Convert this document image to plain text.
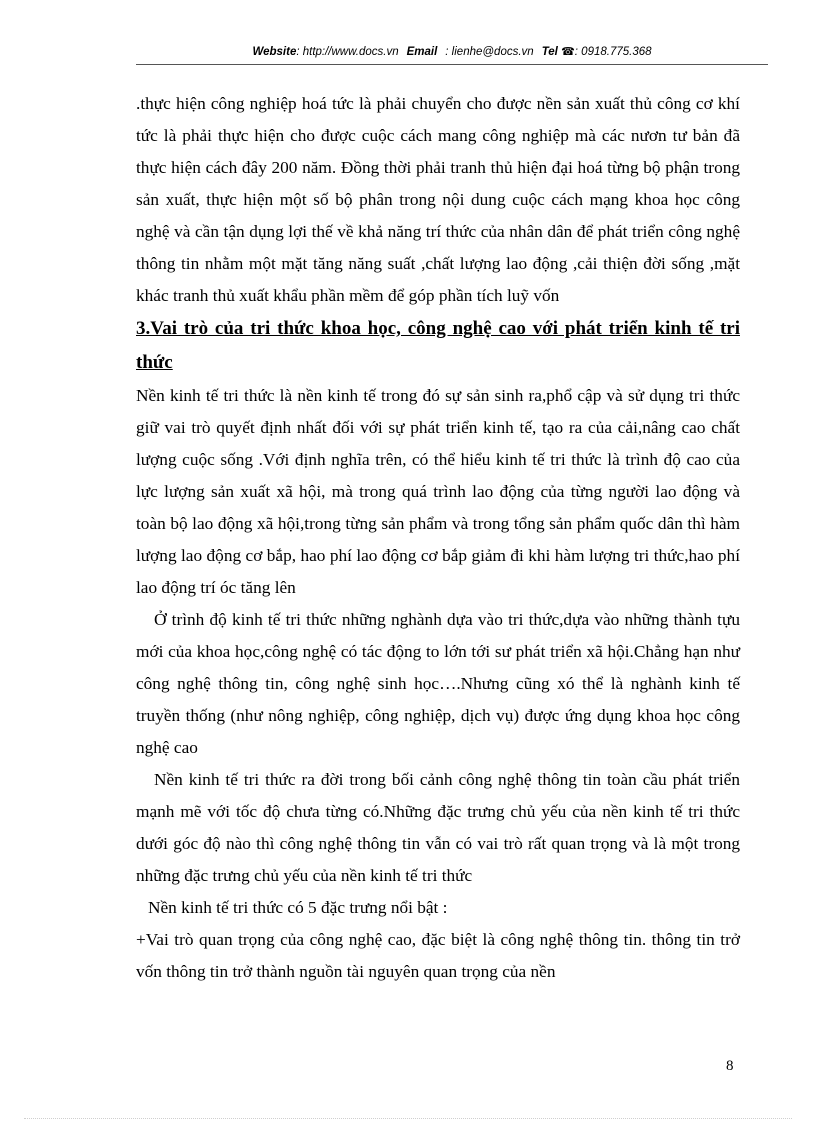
Website: http://www.docs.vn Email : lienhe@docs.vn Tel ☎: 0918.775.368

.thực hiện công nghiệp hoá tức là phải chuyển cho được nền sản xuất thủ công cơ khí tức là phải thực hiện cho được cuộc cách mang công nghiệp mà các nươn tư bản đã thực hiện cách đây 200 năm. Đồng thời phải tranh thủ hiện đại hoá từng bộ phận trong sản xuất, thực hiện một số bộ phân trong nội dung cuộc cách mạng khoa học công nghệ và cần tận dụng lợi thế về khả năng trí thức của nhân dân để phát triển công nghệ thông tin nhằm một mặt tăng năng suất ,chất lượng lao động ,cải thiện đời sống ,mặt khác tranh thủ xuất khẩu phần mềm để góp phần tích luỹ vốn

3.Vai trò của tri thức khoa học, công nghệ cao với phát triển kinh tế tri thức

Nền kinh tế tri thức là nền kinh tế trong đó sự sản sinh ra,phổ cập và sử dụng tri thức giữ vai trò quyết định nhất đối với sự phát triển kinh tế, tạo ra của cải,nâng cao chất lượng cuộc sống .Với định nghĩa trên, có thể hiểu kinh tế tri thức là trình độ cao của lực lượng sản xuất xã hội, mà trong quá trình lao động của từng người lao động và toàn bộ lao động xã hội,trong từng sản phẩm và trong tổng sản phẩm quốc dân thì hàm lượng lao động cơ bắp, hao phí lao động cơ bắp giảm đi khi hàm lượng tri thức,hao phí lao động trí óc tăng lên

Ở trình độ kinh tế tri thức những nghành dựa vào tri thức,dựa vào những thành tựu mới của khoa học,công nghệ có tác động to lớn tới sư phát triển xã hội.Chẳng hạn như công nghệ thông tin, công nghệ sinh học….Nhưng cũng xó thể là nghành kinh tế truyền thống (như nông nghiệp, công nghiệp, dịch vụ) được ứng dụng khoa học công nghệ cao

Nền kinh tế tri thức ra đời trong bối cảnh công nghệ thông tin toàn cầu phát triển mạnh mẽ với tốc độ chưa từng có.Những đặc trưng chủ yếu của nền kinh tế tri thức dưới góc độ nào thì công nghệ thông tin vẫn có vai trò rất quan trọng và là một trong những đặc trưng chủ yếu của nền kinh tế tri thức

Nền kinh tế tri thức có 5 đặc trưng nổi bật :

+Vai trò quan trọng của công nghệ cao, đặc biệt là công nghệ thông tin. thông tin trở vốn thông tin trở thành nguồn tài nguyên quan trọng của nền

8
